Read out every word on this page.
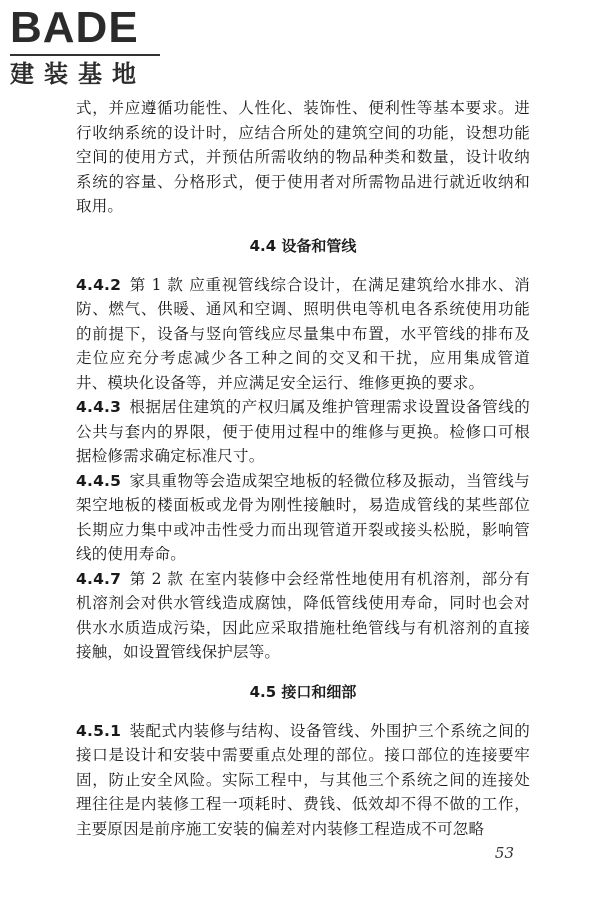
BADE
建装基地

式，并应遵循功能性、人性化、装饰性、便利性等基本要求。进行收纳系统的设计时，应结合所处的建筑空间的功能，设想功能空间的使用方式，并预估所需收纳的物品种类和数量，设计收纳系统的容量、分格形式，便于使用者对所需物品进行就近收纳和取用。

4.4 设备和管线

4.4.2 第 1 款 应重视管线综合设计，在满足建筑给水排水、消防、燃气、供暖、通风和空调、照明供电等机电各系统使用功能的前提下，设备与竖向管线应尽量集中布置，水平管线的排布及走位应充分考虑减少各工种之间的交叉和干扰，应用集成管道井、模块化设备等，并应满足安全运行、维修更换的要求。

4.4.3 根据居住建筑的产权归属及维护管理需求设置设备管线的公共与套内的界限，便于使用过程中的维修与更换。检修口可根据检修需求确定标准尺寸。

4.4.5 家具重物等会造成架空地板的轻微位移及振动，当管线与架空地板的楼面板或龙骨为刚性接触时，易造成管线的某些部位长期应力集中或冲击性受力而出现管道开裂或接头松脱，影响管线的使用寿命。

4.4.7 第 2 款 在室内装修中会经常性地使用有机溶剂，部分有机溶剂会对供水管线造成腐蚀，降低管线使用寿命，同时也会对供水水质造成污染，因此应采取措施杜绝管线与有机溶剂的直接接触，如设置管线保护层等。

4.5 接口和细部

4.5.1 装配式内装修与结构、设备管线、外围护三个系统之间的接口是设计和安装中需要重点处理的部位。接口部位的连接要牢固，防止安全风险。实际工程中，与其他三个系统之间的连接处理往往是内装修工程一项耗时、费钱、低效却不得不做的工作，主要原因是前序施工安装的偏差对内装修工程造成不可忽略

53
